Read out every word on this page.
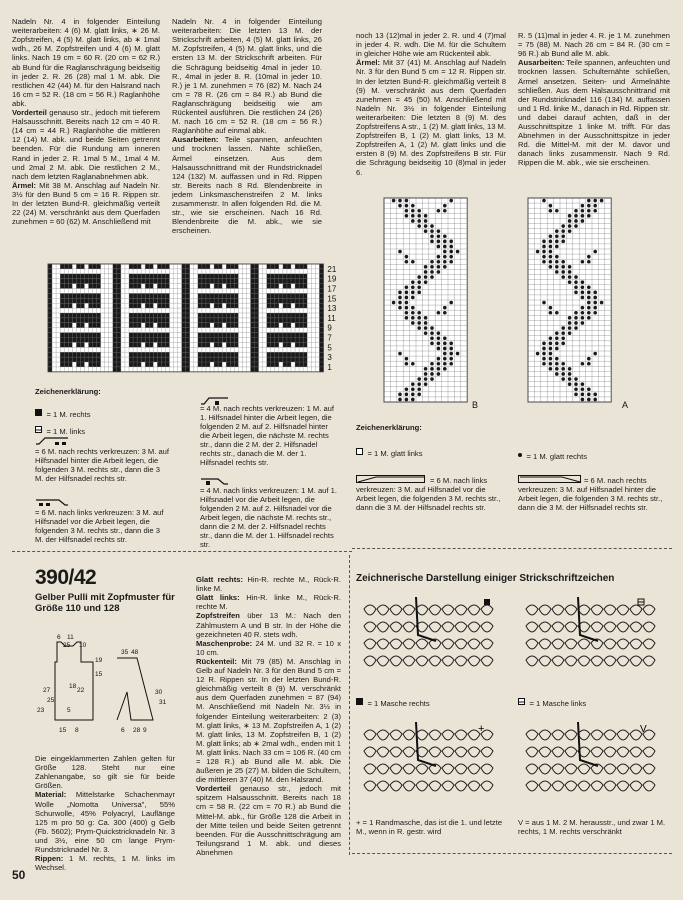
Nadeln Nr. 4 in folgender Einteilung weiterarbeiten: 4 (6) M. glatt links, ∗ 26 M. Zopfstreifen, 4 (5) M. glatt links, ab ∗ 1mal wdh., 26 M. Zopfstreifen und 4 (6) M. glatt links. Nach 19 cm = 60 R. (20 cm = 62 R.) ab Bund für die Raglanschrägung beidseitig in jeder 2. R. 26 (28) mal 1 M. abk. Die restlichen 42 (44) M. für den Halsrand nach 16 cm = 52 R. (18 cm = 56 R.) Raglanhöhe abk.
Vorderteil genauso str., jedoch mit tieferem Halsausschnitt. Bereits nach 12 cm = 40 R. (14 cm = 44 R.) Raglanhöhe die mittleren 12 (14) M. abk. und beide Seiten getrennt beenden. Für die Rundung am inneren Rand in jeder 2. R. 1mal 5 M., 1mal 4 M. und 2mal 2 M. abk. Die restlichen 2 M., nach dem letzten Raglanabnehmen abk.
Ärmel: Mit 38 M. Anschlag auf Nadeln Nr. 3½ für den Bund 5 cm = 16 R. Rippen str. In der letzten Bund-R. gleichmäßig verteilt 22 (24) M. verschränkt aus dem Querfaden zunehmen = 60 (62) M. Anschließend mit

Nadeln Nr. 4 in folgender Einteilung weiterarbeiten: Die letzten 13 M. der Strickschrift arbeiten, 4 (5) M. glatt links, 26 M. Zopfstreifen, 4 (5) M. glatt links, und die ersten 13 M. der Strickschrift arbeiten. Für die Schrägung beidseitig 4mal in jeder 10. R., 4mal in jeder 8. R. (10mal in jeder 10. R.) je 1 M. zunehmen = 76 (82) M. Nach 24 cm = 78 R. (26 cm = 84 R.) ab Bund die Raglanschrägung beidseitig wie am Rückenteil ausführen. Die restlichen 24 (26) M. nach 16 cm = 52 R. (18 cm = 56 R.) Raglanhöhe auf einmal abk.
Ausarbeiten: Teile spannen, anfeuchten und trocknen lassen. Nähte schließen, Ärmel einsetzen. Aus dem Halsausschnittrand mit der Rundstricknadel 124 (132) M. auffassen und in Rd. Rippen str. Bereits nach 8 Rd. Blendenbreite in jedem Linksmaschenstreifen 2 M. links zusammenstr. In allen folgenden Rd. die M. str., wie sie erscheinen. Nach 16 Rd. Blendenbreite die M. abk., wie sie erscheinen.

noch 13 (12)mal in jeder 2. R. und 4 (7)mal in jeder 4. R. wdh. Die M. für die Schultern in gleicher Höhe wie am Rückenteil abk.
Ärmel: Mit 37 (41) M. Anschlag auf Nadeln Nr. 3 für den Bund 5 cm = 12 R. Rippen str. In der letzten Bund-R. gleichmäßig verteilt 8 (9) M. verschränkt aus dem Querfaden zunehmen = 45 (50) M. Anschließend mit Nadeln Nr. 3½ in folgender Einteilung weiterarbeiten: Die letzten 8 (9) M. des Zopfstreifens A str., 1 (2) M. glatt links, 13 M. Zopfstreifen B, 1 (2) M. glatt links, 13 M. Zopfstreifen A, 1 (2) M. glatt links und die ersten 8 (9) M. des Zopfstreifens B str. Für die Schrägung beidseitig 10 (8)mal in jeder 6.

R. 5 (11)mal in jeder 4. R. je 1 M. zunehmen = 75 (88) M. Nach 26 cm = 84 R. (30 cm = 96 R.) ab Bund alle M. abk.
Ausarbeiten: Teile spannen, anfeuchten und trocknen lassen. Schulternähte schließen, Ärmel ansetzen. Seiten- und Ärmelnähte schließen. Aus dem Halsausschnittrand mit der Rundstricknadel 116 (134) M. auffassen und 1 Rd. linke M., danach in Rd. Rippen str. und dabei darauf achten, daß in der Ausschnittspitze 1 linke M. trifft. Für das Abnehmen in der Ausschnittspitze in jeder Rd. die Mittel-M. mit der M. davor und danach links zusammenstr. Nach 9 Rd. Rippen die M. abk., wie sie erscheinen.

21
19
17
15
13
11
9
7
5
3
1
B	A
Zeichenerklärung:
= 1 M. rechts
= 1 M. links
= 6 M. nach rechts verkreuzen: 3 M. auf Hilfsnadel hinter die Arbeit legen, die folgenden 3 M. rechts str., dann die 3 M. der Hilfsnadel rechts str.
= 6 M. nach links verkreuzen: 3 M. auf Hilfsnadel vor die Arbeit legen, die folgenden 3 M. rechts str., dann die 3 M. der Hilfsnadel rechts str.
= 4 M. nach rechts verkreuzen: 1 M. auf 1. Hilfsnadel hinter die Arbeit legen, die folgenden 2 M. auf 2. Hilfsnadel hinter die Arbeit legen, die nächste M. rechts str., dann die 2 M. der 2. Hilfsnadel rechts str., danach die M. der 1. Hilfsnadel rechts str.
= 4 M. nach links verkreuzen: 1 M. auf 1. Hilfsnadel vor die Arbeit legen, die folgenden 2 M. auf 2. Hilfsnadel vor die Arbeit legen, die nächste M. rechts str., dann die 2 M. der 2. Hilfsnadel rechts str., dann die M. der 1. Hilfsnadel rechts str.
Zeichenerklärung:
= 1 M. glatt links	= 1 M. glatt rechts
= 6 M. nach links verkreuzen: 3 M. auf Hilfsnadel vor die Arbeit legen, die folgenden 3 M. rechts str., dann die 3 M. der Hilfsnadel rechts str.
= 6 M. nach rechts verkreuzen: 3 M. auf Hilfsnadel hinter die Arbeit legen, die folgenden 3 M. rechts str., dann die 3 M. der Hilfsnadel rechts str.
390/42
Gelber Pulli mit Zopfmuster für Größe 110 und 128
6 11
25 10
19
15
18
22
27
25
15
23	5
6 28
30
31
35 48
8	9

Die eingeklammerten Zahlen gelten für Größe 128. Steht nur eine Zahlenangabe, so gilt sie für beide Größen.
Material: Mittelstarke Schachenmayr Wolle „Nomotta Universa", 55% Schurwolle, 45% Polyacryl, Lauflänge 125 m pro 50 g: Ca. 300 (400) g Gelb (Fb. 5602); Prym-Quickstricknadeln Nr. 3 und 3½, eine 50 cm lange Prym-Rundstricknadel Nr. 3.
Rippen: 1 M. rechts, 1 M. links im Wechsel.

Glatt rechts: Hin-R. rechte M., Rück-R. linke M.
Glatt links: Hin-R. linke M., Rück-R. rechte M.
Zopfstreifen über 13 M.: Nach den Zählmustern A und B str. In der Höhe die gezeichneten 40 R. stets wdh.
Maschenprobe: 24 M. und 32 R. = 10 x 10 cm.
Rückenteil: Mit 79 (85) M. Anschlag in Gelb auf Nadeln Nr. 3 für den Bund 5 cm = 12 R. Rippen str. In der letzten Bund-R. gleichmäßig verteilt 8 (9) M. verschränkt aus dem Querfaden zunehmen = 87 (94) M. Anschließend mit Nadeln Nr. 3½ in folgender Einteilung weiterarbeiten: 2 (3) M. glatt links, ∗ 13 M. Zopfstreifen A, 1 (2) M. glatt links, 13 M. Zopfstreifen B, 1 (2) M. glatt links; ab ∗ 2mal wdh., enden mit 1 M. glatt links. Nach 33 cm = 106 R. (40 cm = 128 R.) ab Bund alle M. abk. Die äußeren je 25 (27) M. bilden die Schultern, die mittleren 37 (40) M. den Halsrand.
Vorderteil genauso str., jedoch mit spitzem Halsausschnitt. Bereits nach 18 cm = 58 R. (22 cm = 70 R.) ab Bund die Mittel-M. abk., für Größe 128 die Arbeit in der Mitte teilen und beide Seiten getrennt beenden. Für die Ausschnittschrägung am Teilungsrand 1 M. abk. und dieses Abnehmen

Zeichnerische Darstellung einiger Strickschriftzeichen
+	V
= 1 Masche rechts	= 1 Masche links
+ = 1 Randmasche, das ist die 1. und letzte M., wenn in R. gestr. wird
V = aus 1 M. 2 M. herausstr., und zwar 1 M. rechts, 1 M. rechts verschränkt
50
